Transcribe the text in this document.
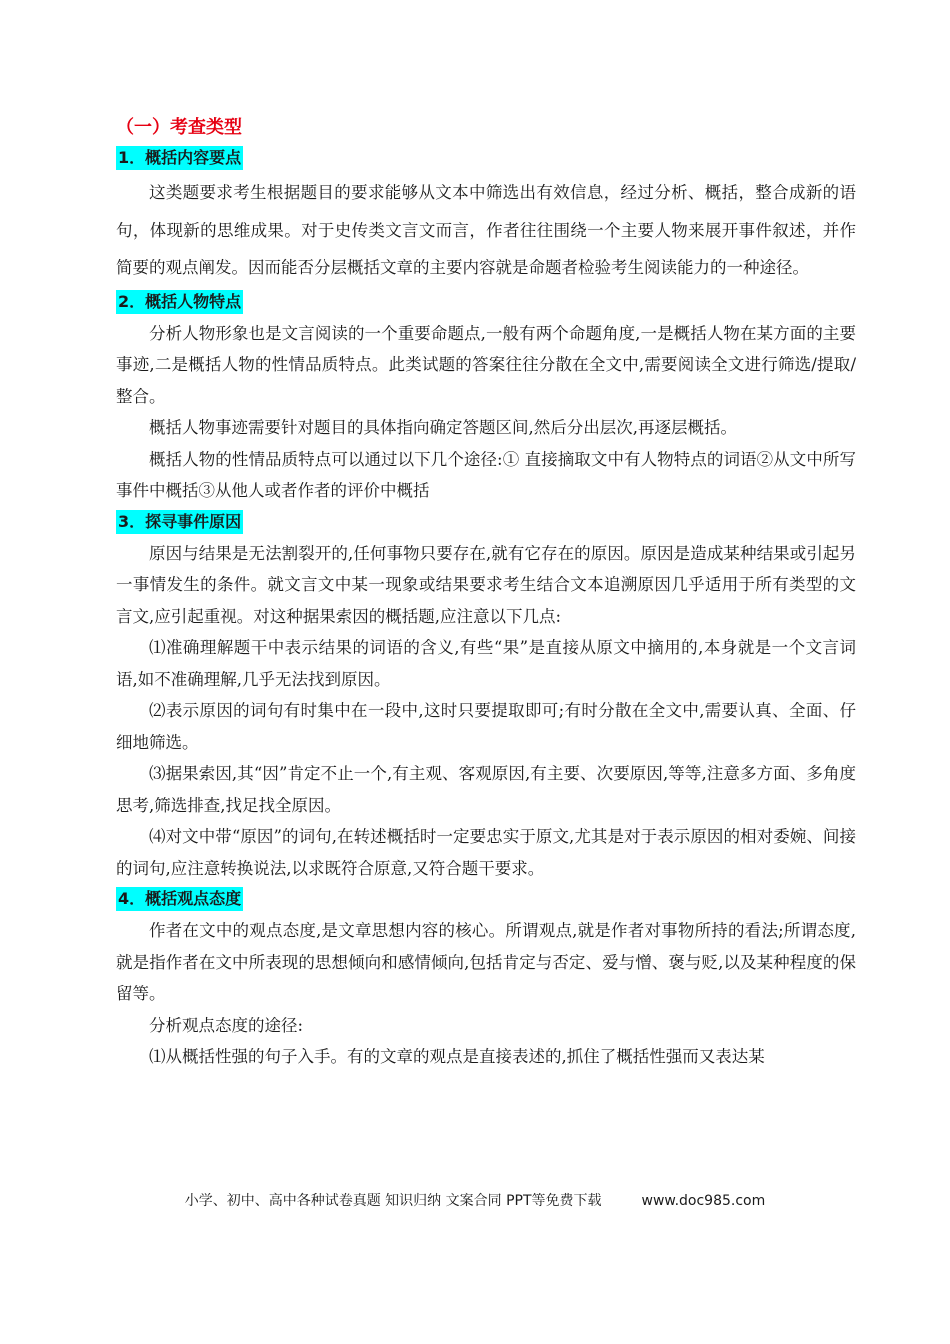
（一）考查类型
1．概括内容要点

这类题要求考生根据题目的要求能够从文本中筛选出有效信息，经过分析、概括，整合成新的语句，体现新的思维成果。对于史传类文言文而言，作者往往围绕一个主要人物来展开事件叙述，并作简要的观点阐发。因而能否分层概括文章的主要内容就是命题者检验考生阅读能力的一种途径。

2．概括人物特点

分析人物形象也是文言阅读的一个重要命题点,一般有两个命题角度,一是概括人物在某方面的主要事迹,二是概括人物的性情品质特点。此类试题的答案往往分散在全文中,需要阅读全文进行筛选/提取/整合。

概括人物事迹需要针对题目的具体指向确定答题区间,然后分出层次,再逐层概括。

概括人物的性情品质特点可以通过以下几个途径:① 直接摘取文中有人物特点的词语②从文中所写事件中概括③从他人或者作者的评价中概括

3．探寻事件原因

原因与结果是无法割裂开的,任何事物只要存在,就有它存在的原因。原因是造成某种结果或引起另一事情发生的条件。就文言文中某一现象或结果要求考生结合文本追溯原因几乎适用于所有类型的文言文,应引起重视。对这种据果索因的概括题,应注意以下几点:

⑴准确理解题干中表示结果的词语的含义,有些“果”是直接从原文中摘用的,本身就是一个文言词语,如不准确理解,几乎无法找到原因。

⑵表示原因的词句有时集中在一段中,这时只要提取即可;有时分散在全文中,需要认真、全面、仔细地筛选。

⑶据果索因,其“因”肯定不止一个,有主观、客观原因,有主要、次要原因,等等,注意多方面、多角度思考,筛选排查,找足找全原因。

⑷对文中带“原因”的词句,在转述概括时一定要忠实于原文,尤其是对于表示原因的相对委婉、间接的词句,应注意转换说法,以求既符合原意,又符合题干要求。

4．概括观点态度

作者在文中的观点态度,是文章思想内容的核心。所谓观点,就是作者对事物所持的看法;所谓态度,就是指作者在文中所表现的思想倾向和感情倾向,包括肯定与否定、爱与憎、褒与贬,以及某种程度的保留等。

分析观点态度的途径:

⑴从概括性强的句子入手。有的文章的观点是直接表述的,抓住了概括性强而又表达某

小学、初中、高中各种试卷真题 知识归纳 文案合同 PPT等免费下载	www.doc985.com
